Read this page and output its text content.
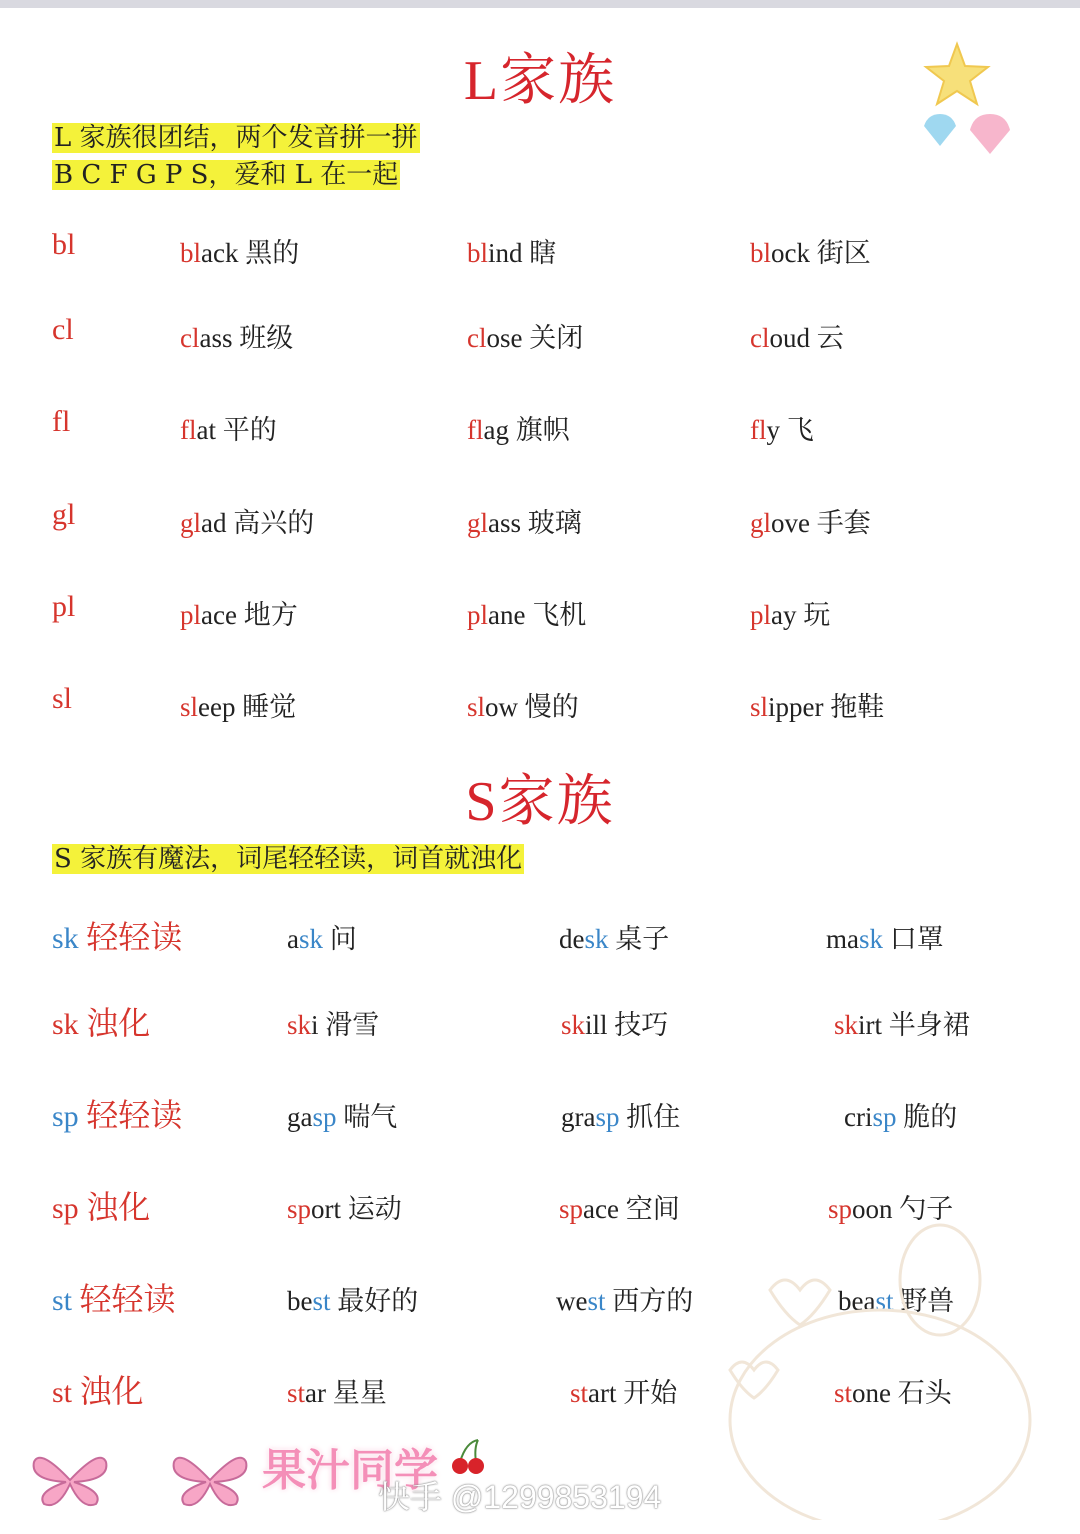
L家族
L 家族很团结，两个发音拼一拼
B C F G P S，爱和 L 在一起
bl	black 黑的	blind 瞎	block 街区
cl	class 班级	close 关闭	cloud 云
fl	flat 平的	flag 旗帜	fly 飞
gl	glad 高兴的	glass 玻璃	glove 手套
pl	place 地方	plane 飞机	play 玩
sl	sleep 睡觉	slow 慢的	slipper 拖鞋
S家族
S 家族有魔法，词尾轻轻读，词首就浊化
sk 轻轻读	ask 问	desk 桌子	mask 口罩
sk 浊化	ski 滑雪	skill 技巧	skirt 半身裙
sp 轻轻读	gasp 喘气	grasp 抓住	crisp 脆的
sp 浊化	sport 运动	space 空间	spoon 勺子
st 轻轻读	best 最好的	west 西方的	beast 野兽
st 浊化	star 星星	start 开始	stone 石头
果汁同学
快手 @1299853194
